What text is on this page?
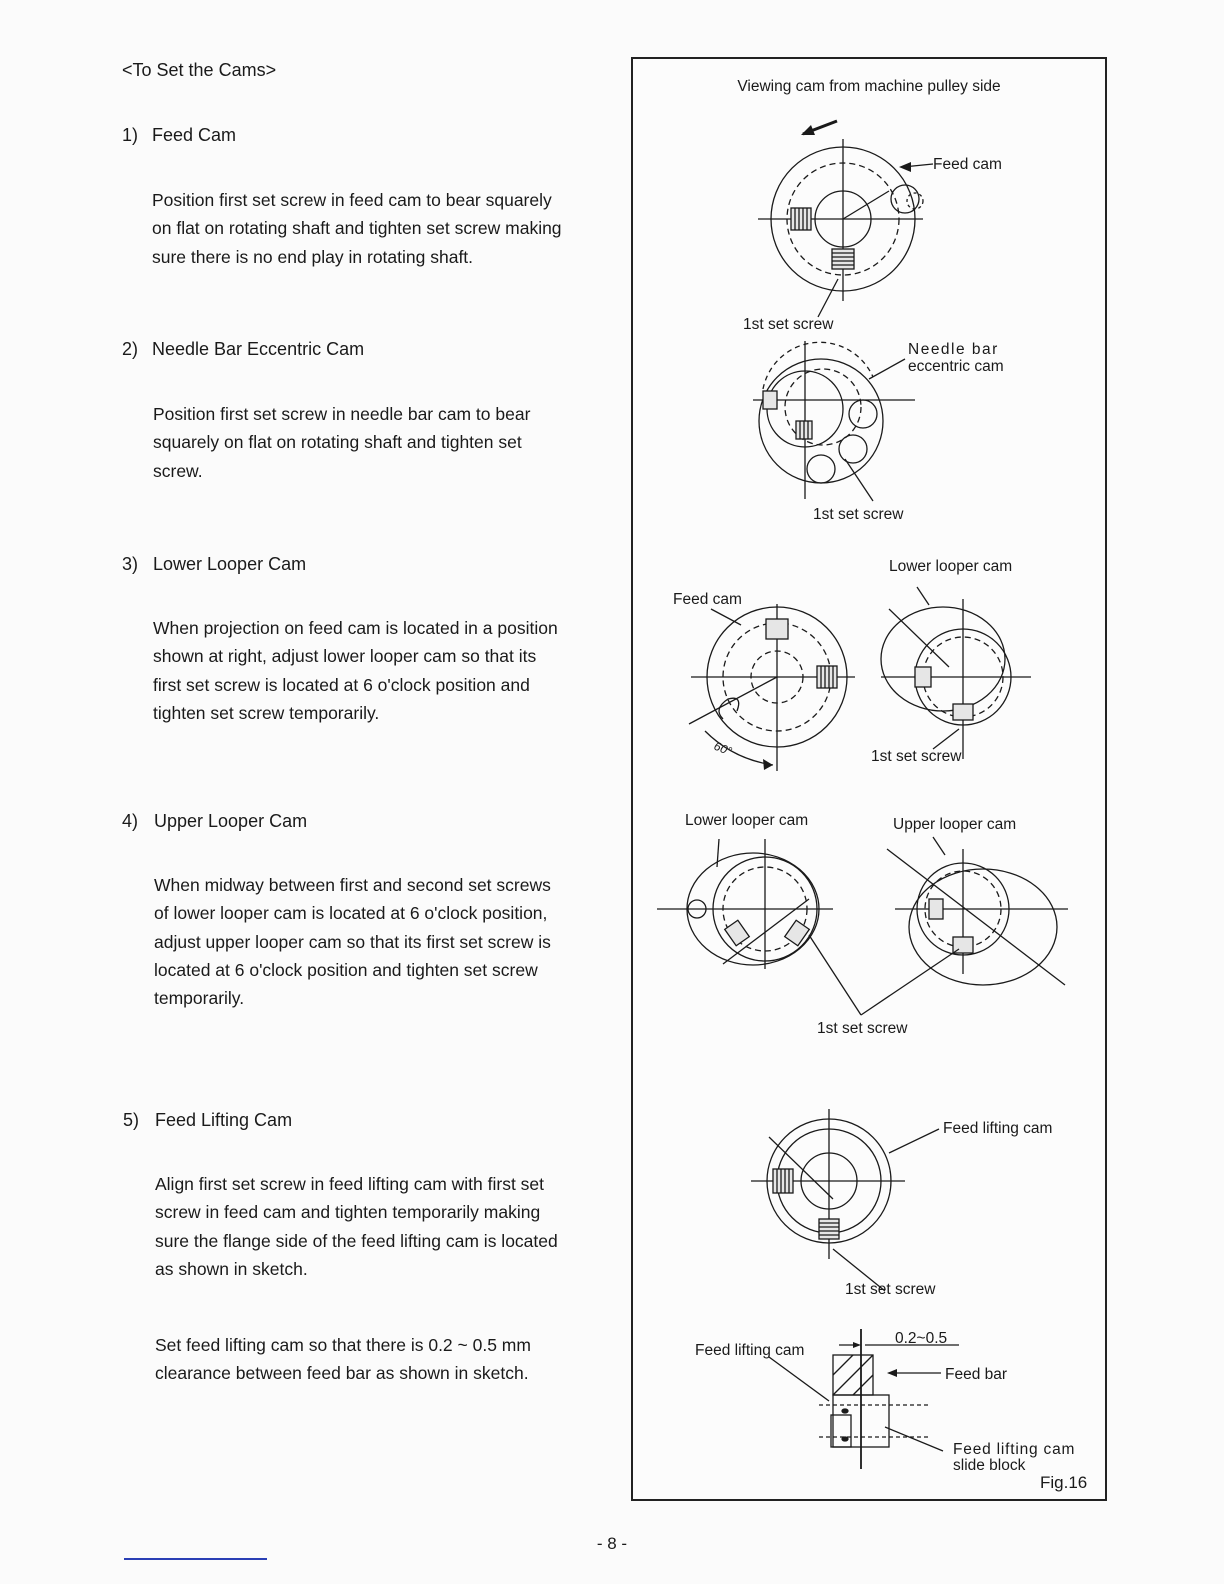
<To Set the Cams>
1) Feed Cam
Position first set screw in feed cam to bear squarely
on flat on rotating shaft and tighten set screw making
sure there is no end play in rotating shaft.
2) Needle Bar Eccentric Cam
Position first set screw in needle bar cam to bear
squarely on flat on rotating shaft and tighten set
screw.
3) Lower Looper Cam
When projection on feed cam is located in a position
shown at right, adjust lower looper cam so that its
first set screw is located at 6 o'clock position and
tighten set screw temporarily.
4) Upper Looper Cam
When midway between first and second set screws
of lower looper cam is located at 6 o'clock position,
adjust upper looper cam so that its first set screw is
located at 6 o'clock position and tighten set screw
temporarily.
5) Feed Lifting Cam
Align first set screw in feed lifting cam with first set
screw in feed cam and tighten temporarily making
sure the flange side of the feed lifting cam is located
as shown in sketch.
Set feed lifting cam so that there is 0.2 ~ 0.5 mm
clearance between feed bar as shown in sketch.
Viewing cam from machine pulley side
Feed cam
1st set screw
Needle bar
eccentric cam
1st set screw
Feed cam
60°
Lower looper cam
1st set screw
Lower looper cam	Upper looper cam
1st set screw
Feed lifting cam
1st set screw
0.2~0.5
Feed lifting cam
Feed bar
Feed lifting cam
slide block
Fig.16
- 8 -
